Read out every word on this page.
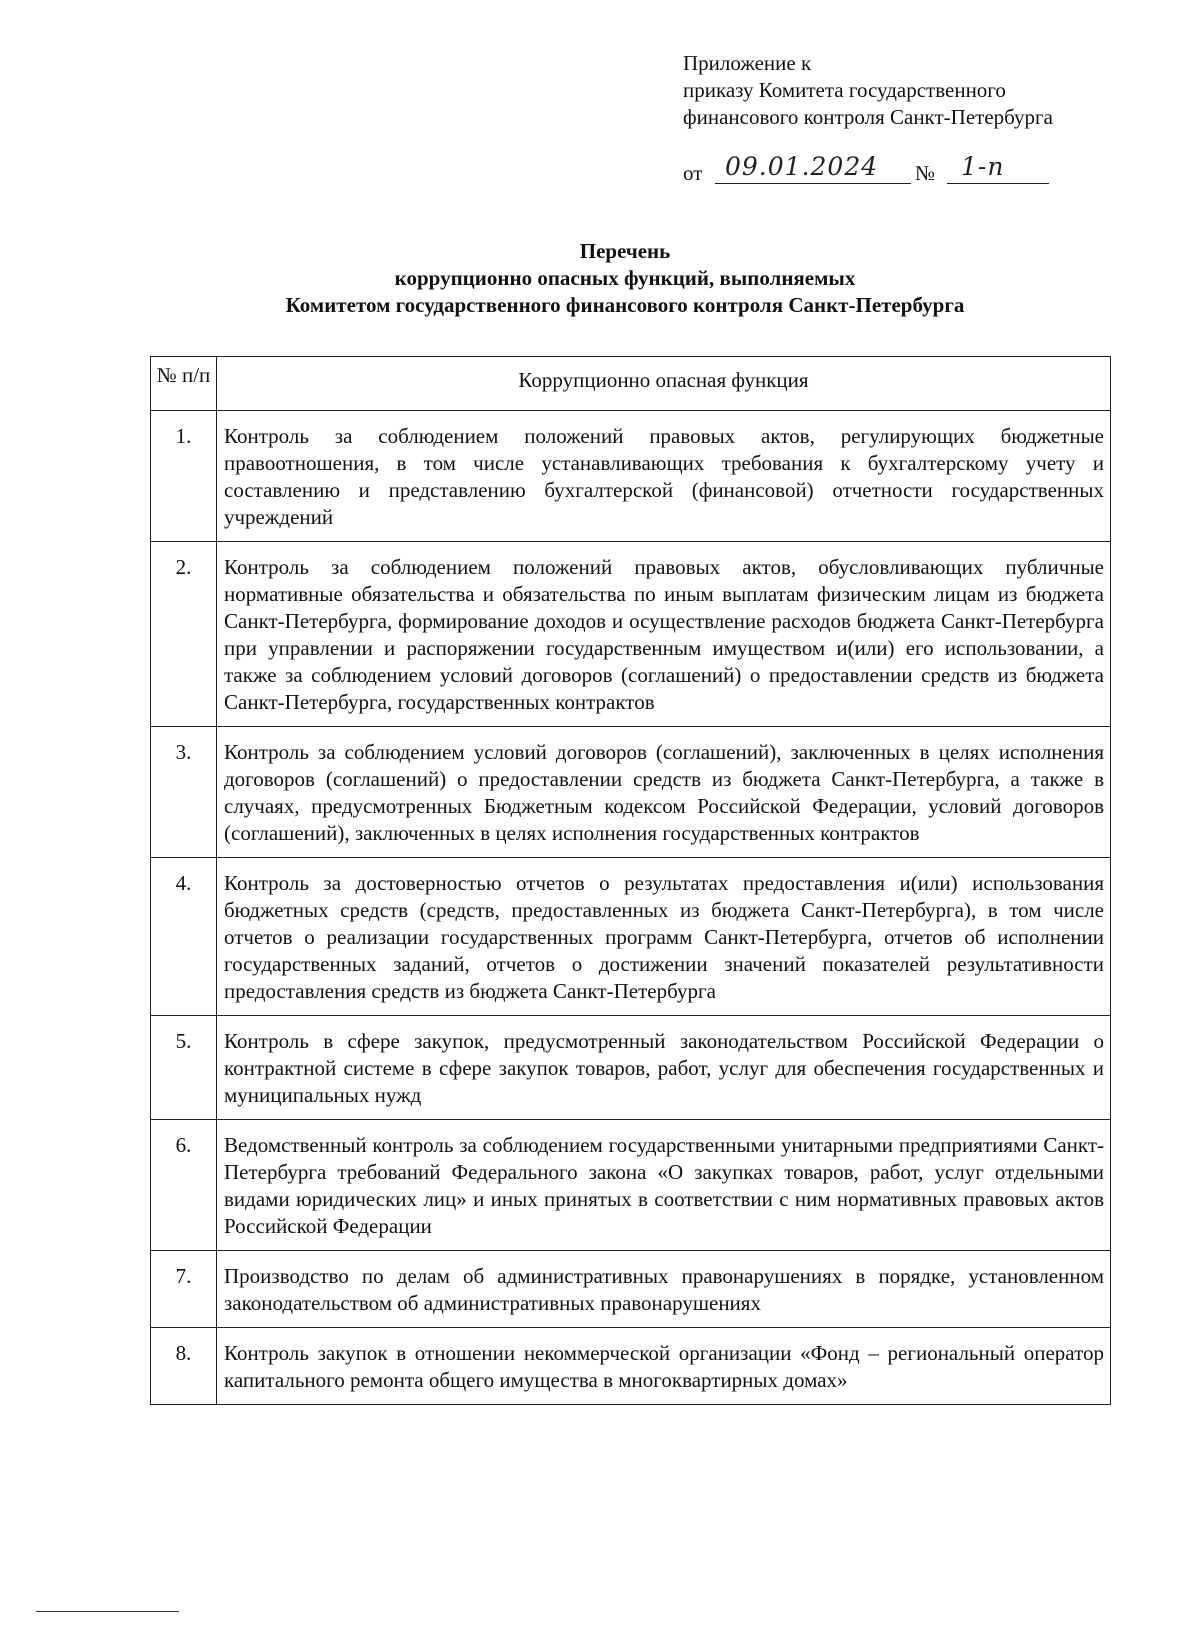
Приложение к
приказу Комитета государственного
финансового контроля Санкт-Петербурга
от 09.01.2024 № 1-п
Перечень
коррупционно опасных функций, выполняемых
Комитетом государственного финансового контроля Санкт-Петербурга
№ п/п	Коррупционно опасная функция
1.	Контроль за соблюдением положений правовых актов, регулирующих бюджетные правоотношения, в том числе устанавливающих требования к бухгалтерскому учету и составлению и представлению бухгалтерской (финансовой) отчетности государственных учреждений
2.	Контроль за соблюдением положений правовых актов, обусловливающих публичные нормативные обязательства и обязательства по иным выплатам физическим лицам из бюджета Санкт-Петербурга, формирование доходов и осуществление расходов бюджета Санкт-Петербурга при управлении и распоряжении государственным имуществом и(или) его использовании, а также за соблюдением условий договоров (соглашений) о предоставлении средств из бюджета Санкт-Петербурга, государственных контрактов
3.	Контроль за соблюдением условий договоров (соглашений), заключенных в целях исполнения договоров (соглашений) о предоставлении средств из бюджета Санкт-Петербурга, а также в случаях, предусмотренных Бюджетным кодексом Российской Федерации, условий договоров (соглашений), заключенных в целях исполнения государственных контрактов
4.	Контроль за достоверностью отчетов о результатах предоставления и(или) использования бюджетных средств (средств, предоставленных из бюджета Санкт-Петербурга), в том числе отчетов о реализации государственных программ Санкт-Петербурга, отчетов об исполнении государственных заданий, отчетов о достижении значений показателей результативности предоставления средств из бюджета Санкт-Петербурга
5.	Контроль в сфере закупок, предусмотренный законодательством Российской Федерации о контрактной системе в сфере закупок товаров, работ, услуг для обеспечения государственных и муниципальных нужд
6.	Ведомственный контроль за соблюдением государственными унитарными предприятиями Санкт-Петербурга требований Федерального закона «О закупках товаров, работ, услуг отдельными видами юридических лиц» и иных принятых в соответствии с ним нормативных правовых актов Российской Федерации
7.	Производство по делам об административных правонарушениях в порядке, установленном законодательством об административных правонарушениях
8.	Контроль закупок в отношении некоммерческой организации «Фонд – региональный оператор капитального ремонта общего имущества в многоквартирных домах»
